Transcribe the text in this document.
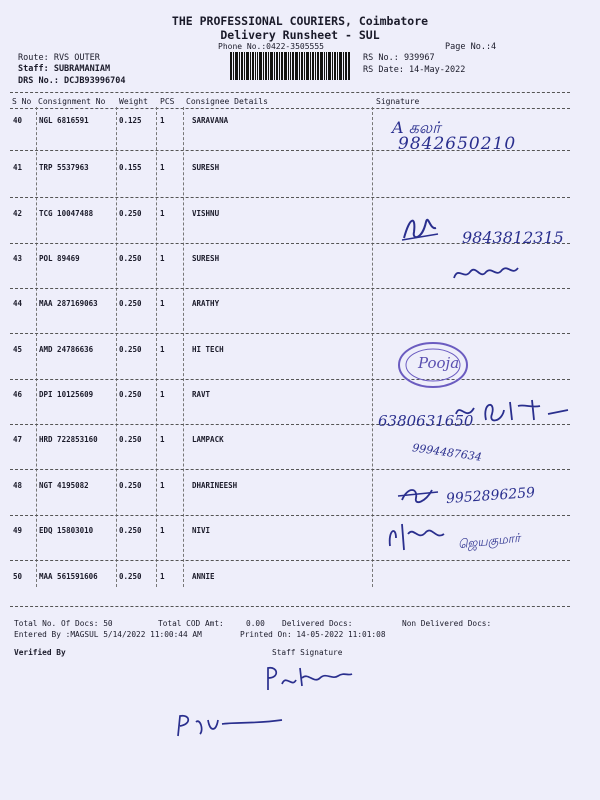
THE PROFESSIONAL COURIERS, Coimbatore
Delivery Runsheet - SUL
Phone No.:0422-3505555	Page No.:4
Route: RVS OUTER
Staff: SUBRAMANIAM
DRS No.: DCJB93996704
RS No.: 939967
RS Date: 14-May-2022
S No Consignment No Weight PCS Consignee Details	Signature
40 NGL 6816591	0.125 1	SARAVANA
41 TRP 5537963	0.155 1	SURESH
42 TCG 10047488	0.250 1	VISHNU
43 POL 89469	0.250 1	SURESH
44 MAA 287169063	0.250 1	ARATHY
45 AMD 24786636	0.250 1	HI TECH
46 DPI 10125609	0.250 1	RAVT
47 HRD 722853160	0.250 1	LAMPACK
48 NGT 4195082	0.250 1	DHARINEESH
49 EDQ 15803010	0.250 1	NIVI
50 MAA 561591606	0.250 1	ANNIE
A கலர்
9842650210
9843812315
Pooja
6380631650
9994487634
9952896259
ஜெயகுமார்
Total No. Of Docs: 50	Total COD Amt:	0.00 Delivered Docs:	Non Delivered Docs:
Entered By :MAGSUL 5/14/2022 11:00:44 AM	Printed On: 14-05-2022 11:01:08
Verified By	Staff Signature
